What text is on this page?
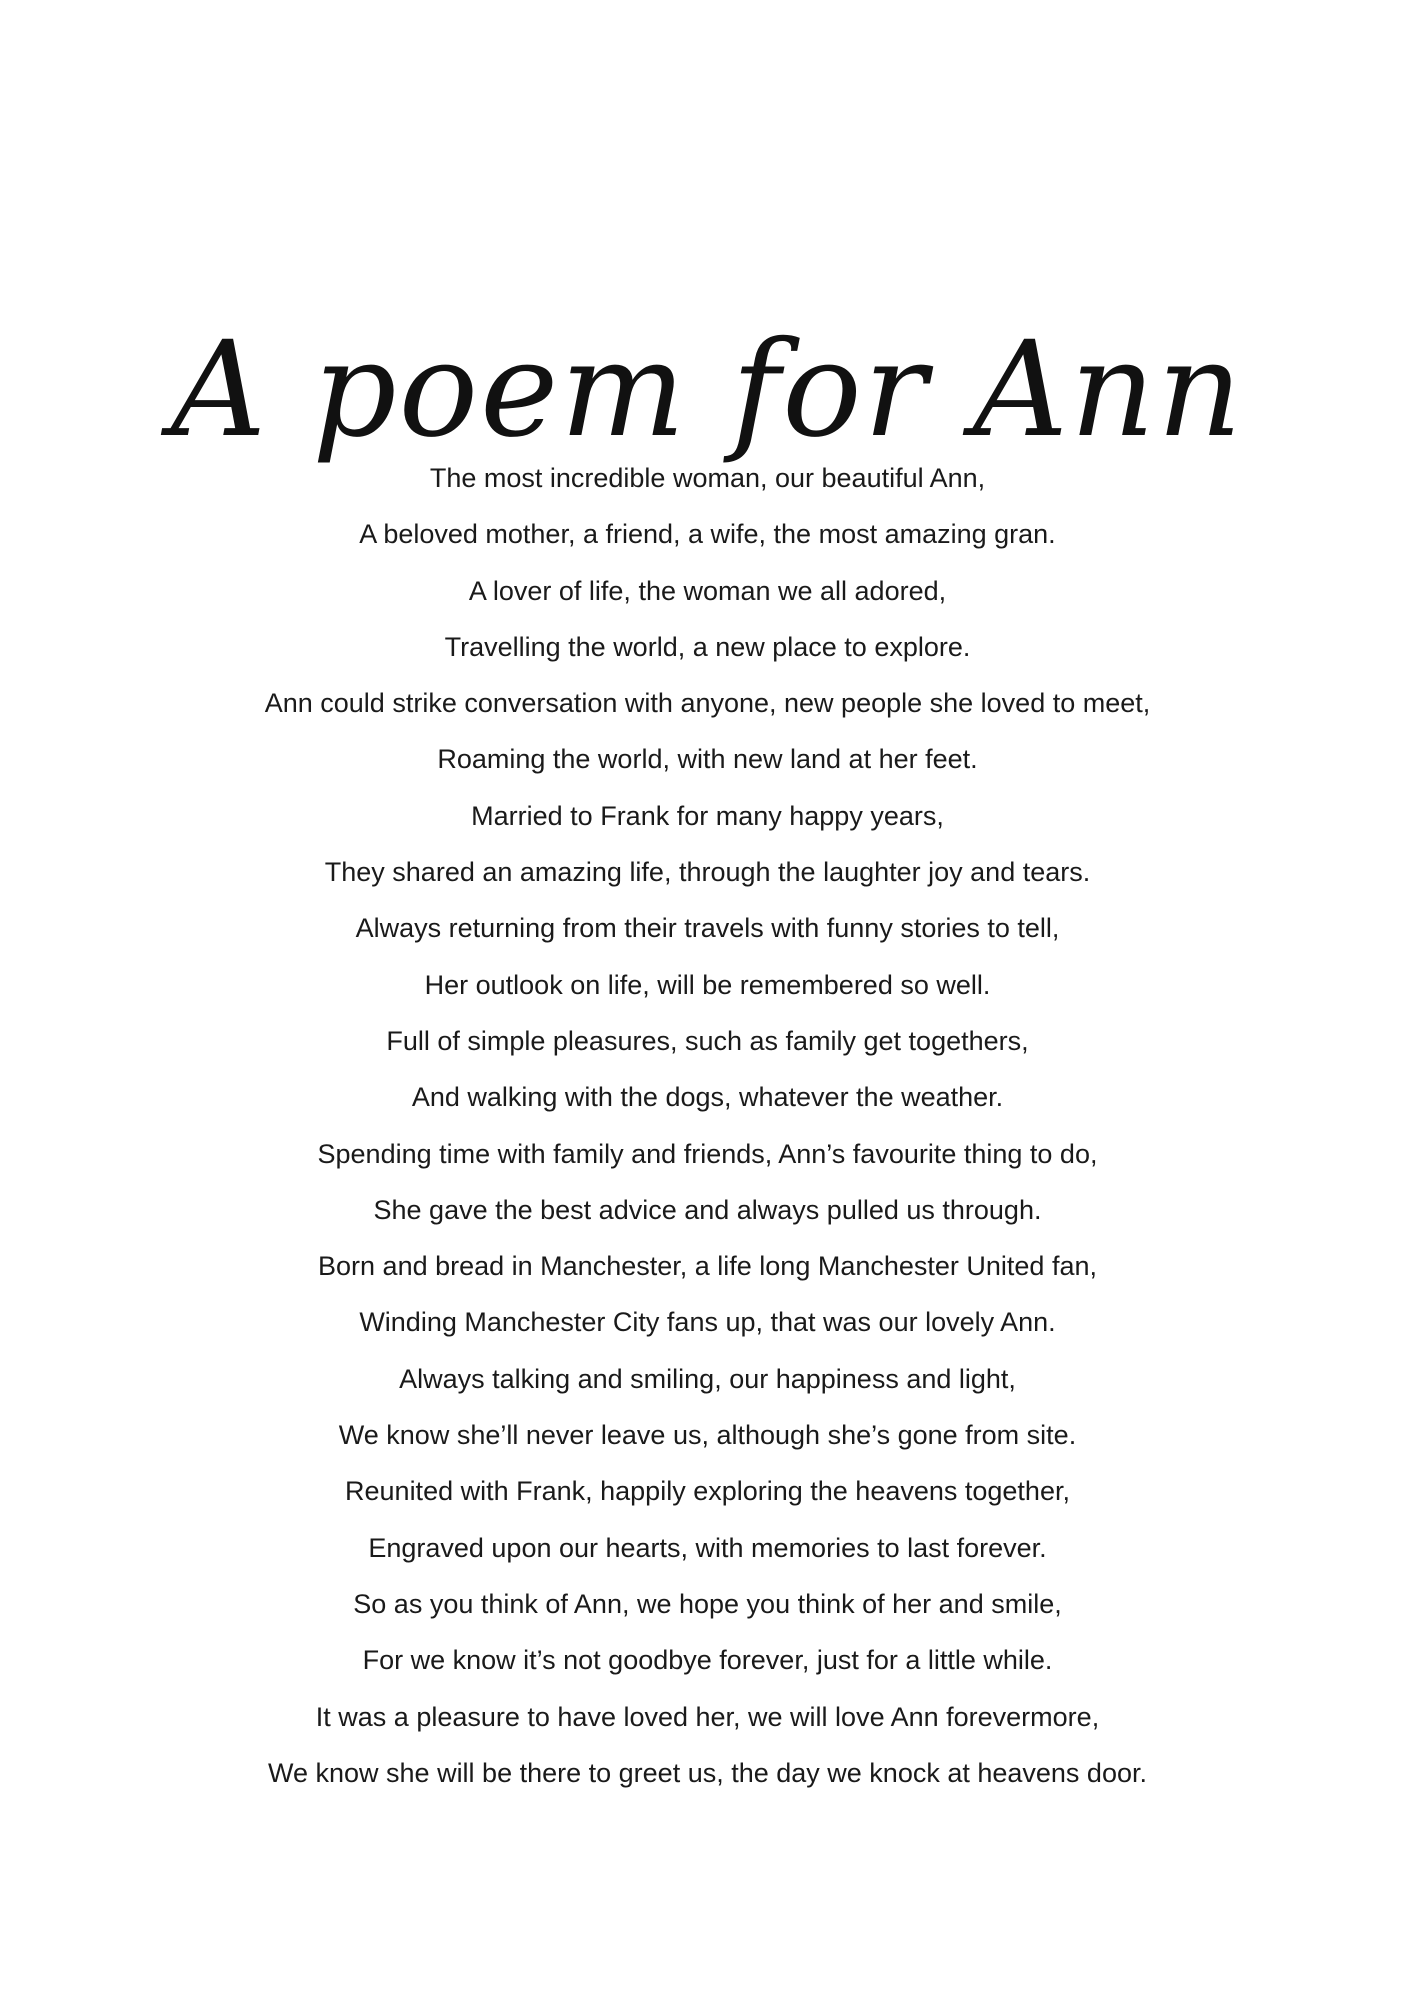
A poem for Ann
The most incredible woman, our beautiful Ann,
A beloved mother, a friend, a wife, the most amazing gran.
A lover of life, the woman we all adored,
Travelling the world, a new place to explore.
Ann could strike conversation with anyone, new people she loved to meet,
Roaming the world, with new land at her feet.
Married to Frank for many happy years,
They shared an amazing life, through the laughter joy and tears.
Always returning from their travels with funny stories to tell,
Her outlook on life, will be remembered so well.
Full of simple pleasures, such as family get togethers,
And walking with the dogs, whatever the weather.
Spending time with family and friends, Ann’s favourite thing to do,
She gave the best advice and always pulled us through.
Born and bread in Manchester, a life long Manchester United fan,
Winding Manchester City fans up, that was our lovely Ann.
Always talking and smiling, our happiness and light,
We know she’ll never leave us, although she’s gone from site.
Reunited with Frank, happily exploring the heavens together,
Engraved upon our hearts, with memories to last forever.
So as you think of Ann, we hope you think of her and smile,
For we know it’s not goodbye forever, just for a little while.
It was a pleasure to have loved her, we will love Ann forevermore,
We know she will be there to greet us, the day we knock at heavens door.
